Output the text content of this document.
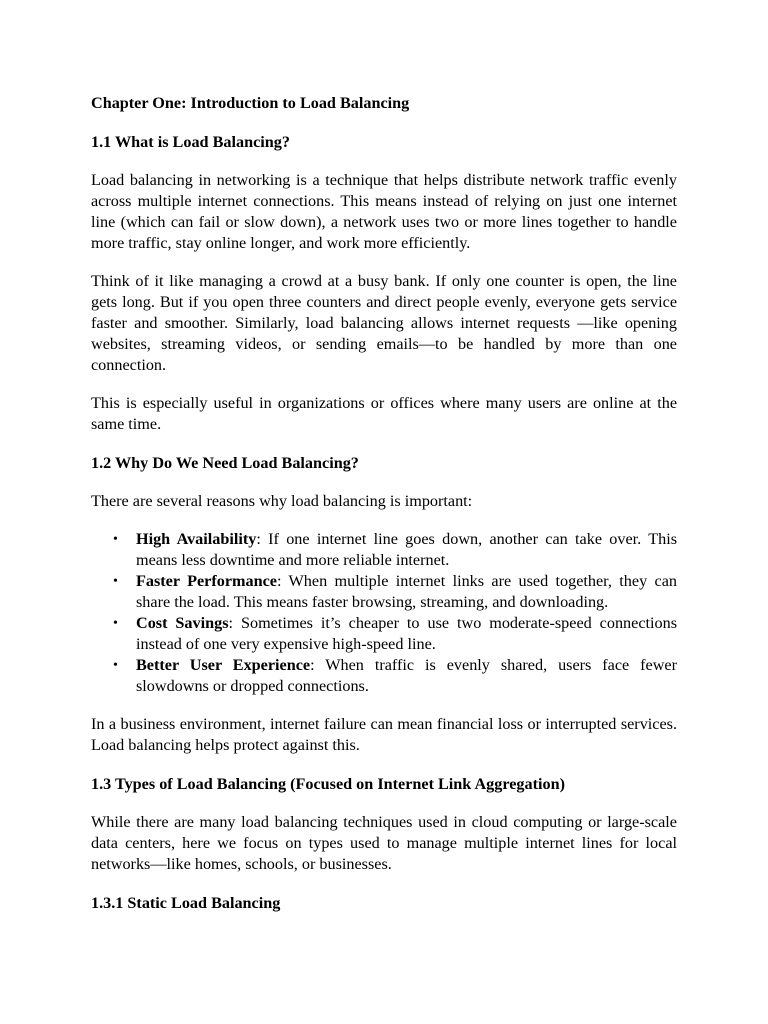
Chapter One: Introduction to Load Balancing
1.1 What is Load Balancing?

Load balancing in networking is a technique that helps distribute network traffic evenly across multiple internet connections. This means instead of relying on just one internet line (which can fail or slow down), a network uses two or more lines together to handle more traffic, stay online longer, and work more efficiently.

Think of it like managing a crowd at a busy bank. If only one counter is open, the line gets long. But if you open three counters and direct people evenly, everyone gets service faster and smoother. Similarly, load balancing allows internet requests —like opening websites, streaming videos, or sending emails—to be handled by more than one connection.

This is especially useful in organizations or offices where many users are online at the same time.

1.2 Why Do We Need Load Balancing?

There are several reasons why load balancing is important:

• High Availability: If one internet line goes down, another can take over. This means less downtime and more reliable internet.
• Faster Performance: When multiple internet links are used together, they can share the load. This means faster browsing, streaming, and downloading.
• Cost Savings: Sometimes it’s cheaper to use two moderate-speed connections instead of one very expensive high-speed line.
• Better User Experience: When traffic is evenly shared, users face fewer slowdowns or dropped connections.

In a business environment, internet failure can mean financial loss or interrupted services. Load balancing helps protect against this.

1.3 Types of Load Balancing (Focused on Internet Link Aggregation)

While there are many load balancing techniques used in cloud computing or large-scale data centers, here we focus on types used to manage multiple internet lines for local networks—like homes, schools, or businesses.

1.3.1 Static Load Balancing
